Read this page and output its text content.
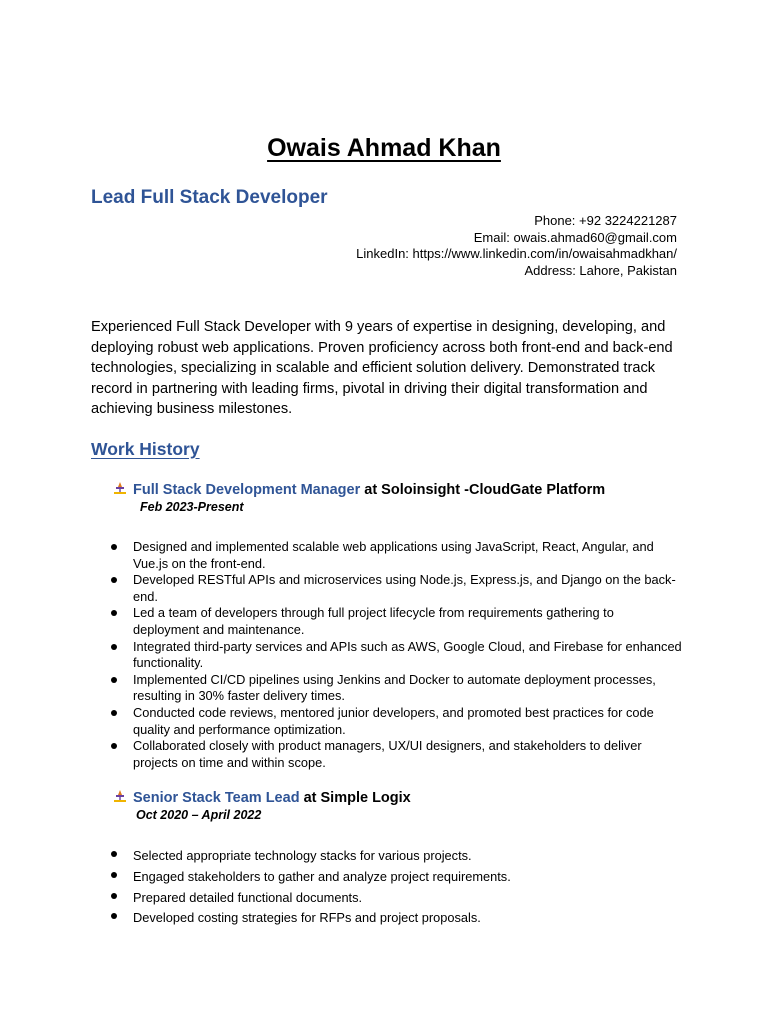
Owais Ahmad Khan
Lead Full Stack Developer
Phone: +92 3224221287
Email: owais.ahmad60@gmail.com
LinkedIn: https://www.linkedin.com/in/owaisahmadkhan/
Address: Lahore, Pakistan
Experienced Full Stack Developer with 9 years of expertise in designing, developing, and deploying robust web applications. Proven proficiency across both front-end and back-end technologies, specializing in scalable and efficient solution delivery. Demonstrated track record in partnering with leading firms, pivotal in driving their digital transformation and achieving business milestones.
Work History
Full Stack Development Manager at Soloinsight -CloudGate Platform
Feb 2023-Present
Designed and implemented scalable web applications using JavaScript, React, Angular, and Vue.js on the front-end.
Developed RESTful APIs and microservices using Node.js, Express.js, and Django on the back-end.
Led a team of developers through full project lifecycle from requirements gathering to deployment and maintenance.
Integrated third-party services and APIs such as AWS, Google Cloud, and Firebase for enhanced functionality.
Implemented CI/CD pipelines using Jenkins and Docker to automate deployment processes, resulting in 30% faster delivery times.
Conducted code reviews, mentored junior developers, and promoted best practices for code quality and performance optimization.
Collaborated closely with product managers, UX/UI designers, and stakeholders to deliver projects on time and within scope.
Senior Stack Team Lead at Simple Logix
Oct 2020 – April 2022
Selected appropriate technology stacks for various projects.
Engaged stakeholders to gather and analyze project requirements.
Prepared detailed functional documents.
Developed costing strategies for RFPs and project proposals.
